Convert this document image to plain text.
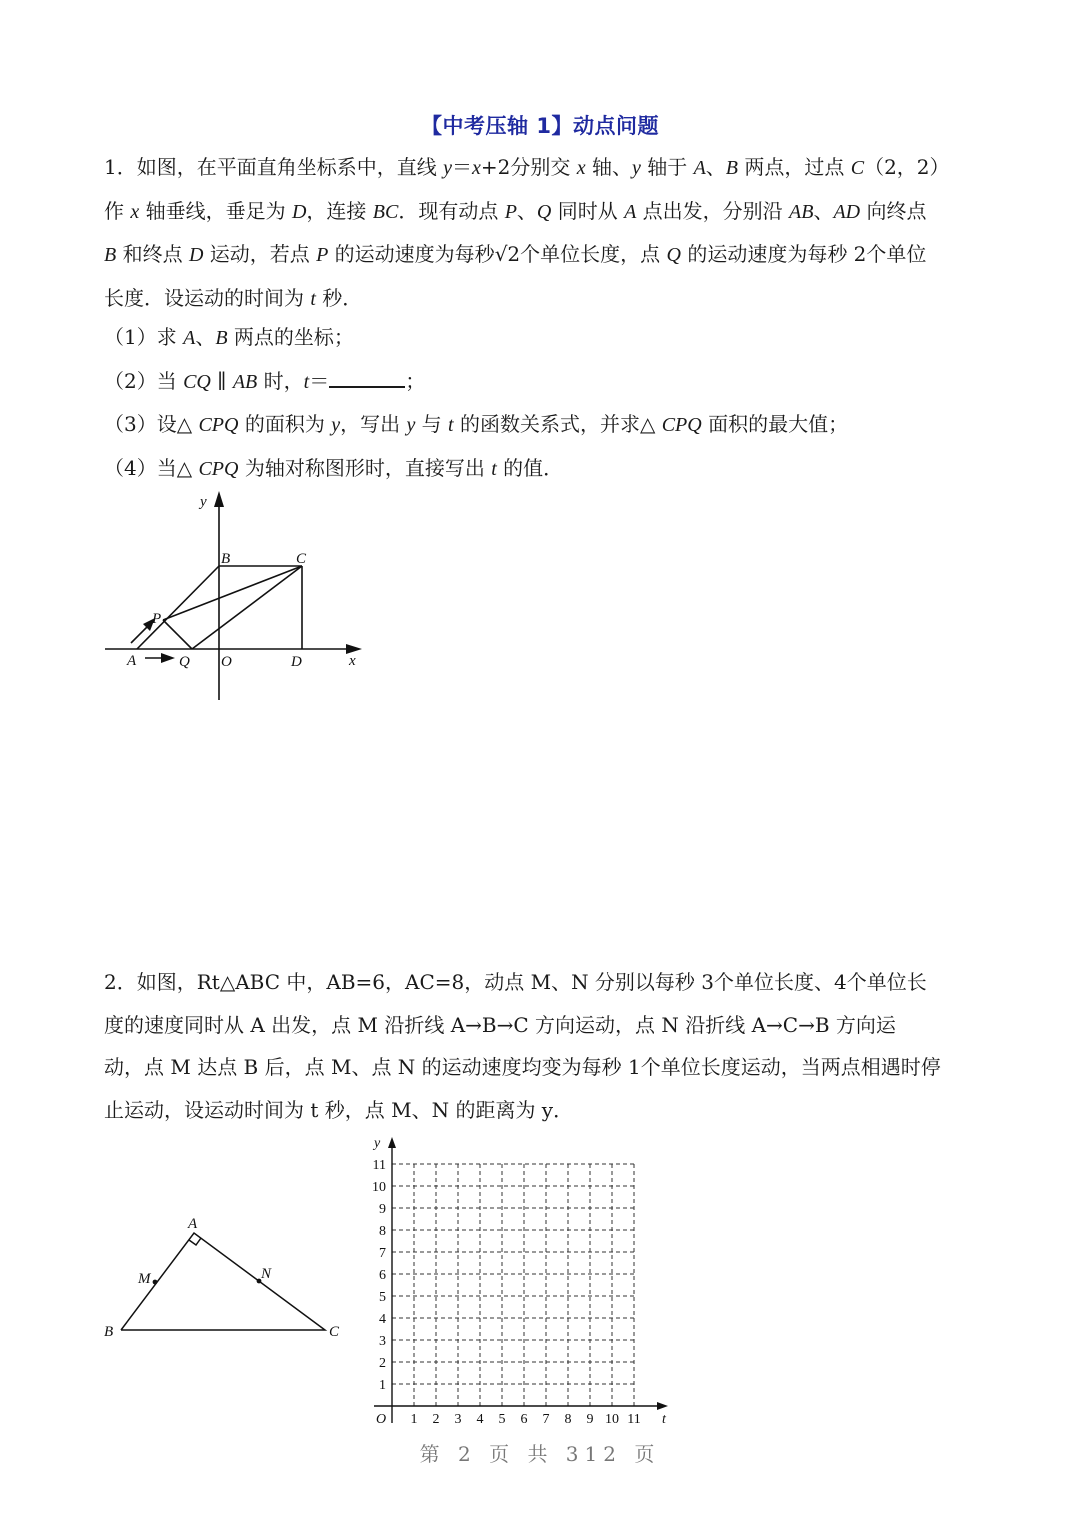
【中考压轴 1】动点问题

1．如图，在平面直角坐标系中，直线 y＝x+2分别交 x 轴、y 轴于 A、B 两点，过点 C（2，2）

作 x 轴垂线，垂足为 D，连接 BC．现有动点 P、Q 同时从 A 点出发，分别沿 AB、AD 向终点

B 和终点 D 运动，若点 P 的运动速度为每秒√2个单位长度，点 Q 的运动速度为每秒 2个单位

长度．设运动的时间为 t 秒．

（1）求 A、B 两点的坐标；

（2）当 CQ ∥ AB 时，t＝	；

（3）设△ CPQ 的面积为 y，写出 y 与 t 的函数关系式，并求△ CPQ 面积的最大值；

（4）当△ CPQ 为轴对称图形时，直接写出 t 的值．

y
B	C
P
A	Q O	D	x

2．如图，Rt△ABC 中，AB=6，AC=8，动点 M、N 分别以每秒 3个单位长度、4个单位长

度的速度同时从 A 出发，点 M 沿折线 A→B→C 方向运动，点 N 沿折线 A→C→B 方向运

动，点 M 达点 B 后，点 M、点 N 的运动速度均变为每秒 1个单位长度运动，当两点相遇时停

止运动，设运动时间为 t 秒，点 M、N 的距离为 y．

A
B	C
M	N
y
t
O
1
2
3
4
5
6
7
8
9
10
11
1 2 3 4 5 6 7 8 9 10 11
第 2 页 共 312 页
